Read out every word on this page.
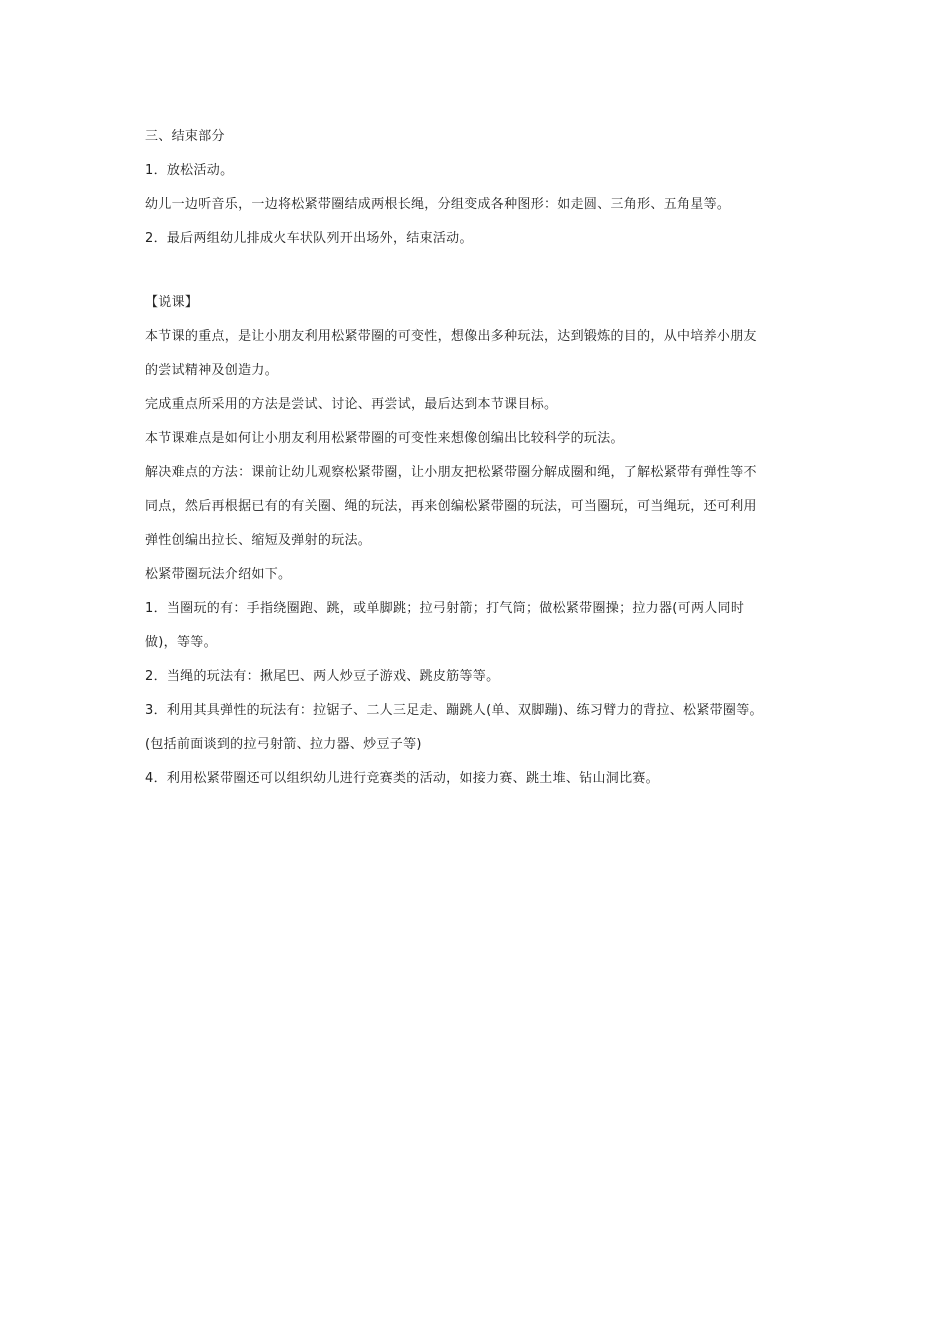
三、结束部分
1．放松活动。
幼儿一边听音乐，一边将松紧带圈结成两根长绳，分组变成各种图形：如走圆、三角形、五角星等。
2．最后两组幼儿排成火车状队列开出场外，结束活动。
【说课】
本节课的重点，是让小朋友利用松紧带圈的可变性，想像出多种玩法，达到锻炼的目的，从中培养小朋友
的尝试精神及创造力。
完成重点所采用的方法是尝试、讨论、再尝试，最后达到本节课目标。
本节课难点是如何让小朋友利用松紧带圈的可变性来想像创编出比较科学的玩法。
解决难点的方法：课前让幼儿观察松紧带圈，让小朋友把松紧带圈分解成圈和绳，了解松紧带有弹性等不
同点，然后再根据已有的有关圈、绳的玩法，再来创编松紧带圈的玩法，可当圈玩，可当绳玩，还可利用
弹性创编出拉长、缩短及弹射的玩法。
松紧带圈玩法介绍如下。
1．当圈玩的有：手指绕圈跑、跳，或单脚跳；拉弓射箭；打气筒；做松紧带圈操；拉力器(可两人同时
做)，等等。
2．当绳的玩法有：揪尾巴、两人炒豆子游戏、跳皮筋等等。
3．利用其具弹性的玩法有：拉锯子、二人三足走、蹦跳人(单、双脚蹦)、练习臂力的背拉、松紧带圈等。
(包括前面谈到的拉弓射箭、拉力器、炒豆子等)
4．利用松紧带圈还可以组织幼儿进行竞赛类的活动，如接力赛、跳土堆、钻山洞比赛。
